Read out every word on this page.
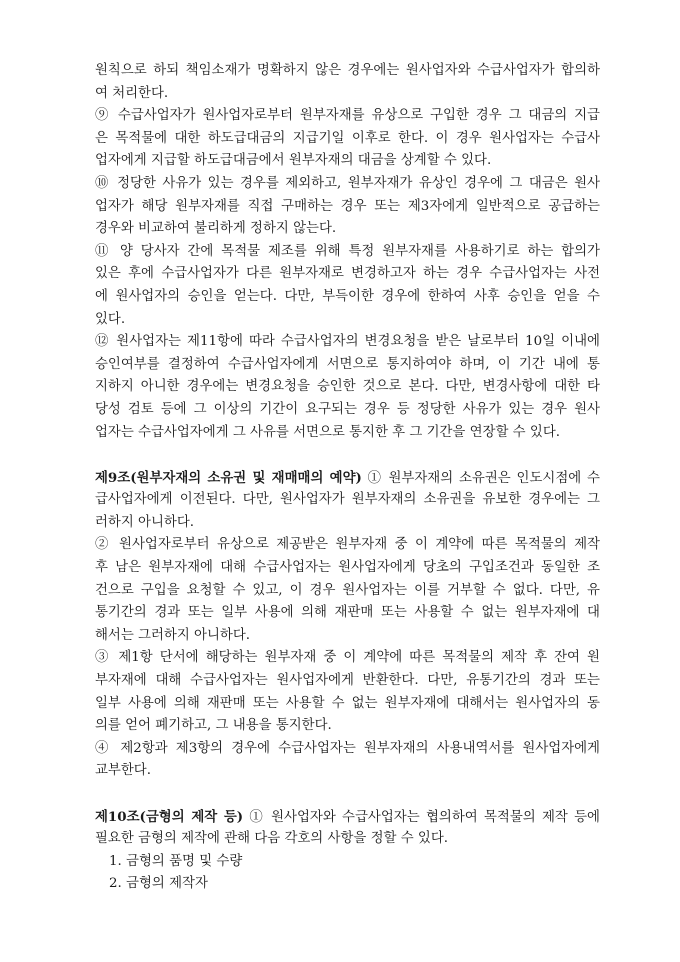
원칙으로 하되 책임소재가 명확하지 않은 경우에는 원사업자와 수급사업자가 합의하
여 처리한다.
⑨ 수급사업자가 원사업자로부터 원부자재를 유상으로 구입한 경우 그 대금의 지급
은 목적물에 대한 하도급대금의 지급기일 이후로 한다. 이 경우 원사업자는 수급사
업자에게 지급할 하도급대금에서 원부자재의 대금을 상계할 수 있다.
⑩ 정당한 사유가 있는 경우를 제외하고, 원부자재가 유상인 경우에 그 대금은 원사
업자가 해당 원부자재를 직접 구매하는 경우 또는 제3자에게 일반적으로 공급하는
경우와 비교하여 불리하게 정하지 않는다.
⑪ 양 당사자 간에 목적물 제조를 위해 특정 원부자재를 사용하기로 하는 합의가
있은 후에 수급사업자가 다른 원부자재로 변경하고자 하는 경우 수급사업자는 사전
에 원사업자의 승인을 얻는다. 다만, 부득이한 경우에 한하여 사후 승인을 얻을 수
있다.
⑫ 원사업자는 제11항에 따라 수급사업자의 변경요청을 받은 날로부터 10일 이내에
승인여부를 결정하여 수급사업자에게 서면으로 통지하여야 하며, 이 기간 내에 통
지하지 아니한 경우에는 변경요청을 승인한 것으로 본다. 다만, 변경사항에 대한 타
당성 검토 등에 그 이상의 기간이 요구되는 경우 등 정당한 사유가 있는 경우 원사
업자는 수급사업자에게 그 사유를 서면으로 통지한 후 그 기간을 연장할 수 있다.
제9조(원부자재의 소유권 및 재매매의 예약) ① 원부자재의 소유권은 인도시점에 수
급사업자에게 이전된다. 다만, 원사업자가 원부자재의 소유권을 유보한 경우에는 그
러하지 아니하다.
② 원사업자로부터 유상으로 제공받은 원부자재 중 이 계약에 따른 목적물의 제작
후 남은 원부자재에 대해 수급사업자는 원사업자에게 당초의 구입조건과 동일한 조
건으로 구입을 요청할 수 있고, 이 경우 원사업자는 이를 거부할 수 없다. 다만, 유
통기간의 경과 또는 일부 사용에 의해 재판매 또는 사용할 수 없는 원부자재에 대
해서는 그러하지 아니하다.
③ 제1항 단서에 해당하는 원부자재 중 이 계약에 따른 목적물의 제작 후 잔여 원
부자재에 대해 수급사업자는 원사업자에게 반환한다. 다만, 유통기간의 경과 또는
일부 사용에 의해 재판매 또는 사용할 수 없는 원부자재에 대해서는 원사업자의 동
의를 얻어 폐기하고, 그 내용을 통지한다.
④ 제2항과 제3항의 경우에 수급사업자는 원부자재의 사용내역서를 원사업자에게
교부한다.
제10조(금형의 제작 등) ① 원사업자와 수급사업자는 협의하여 목적물의 제작 등에
필요한 금형의 제작에 관해 다음 각호의 사항을 정할 수 있다.
1. 금형의 품명 및 수량
2. 금형의 제작자
